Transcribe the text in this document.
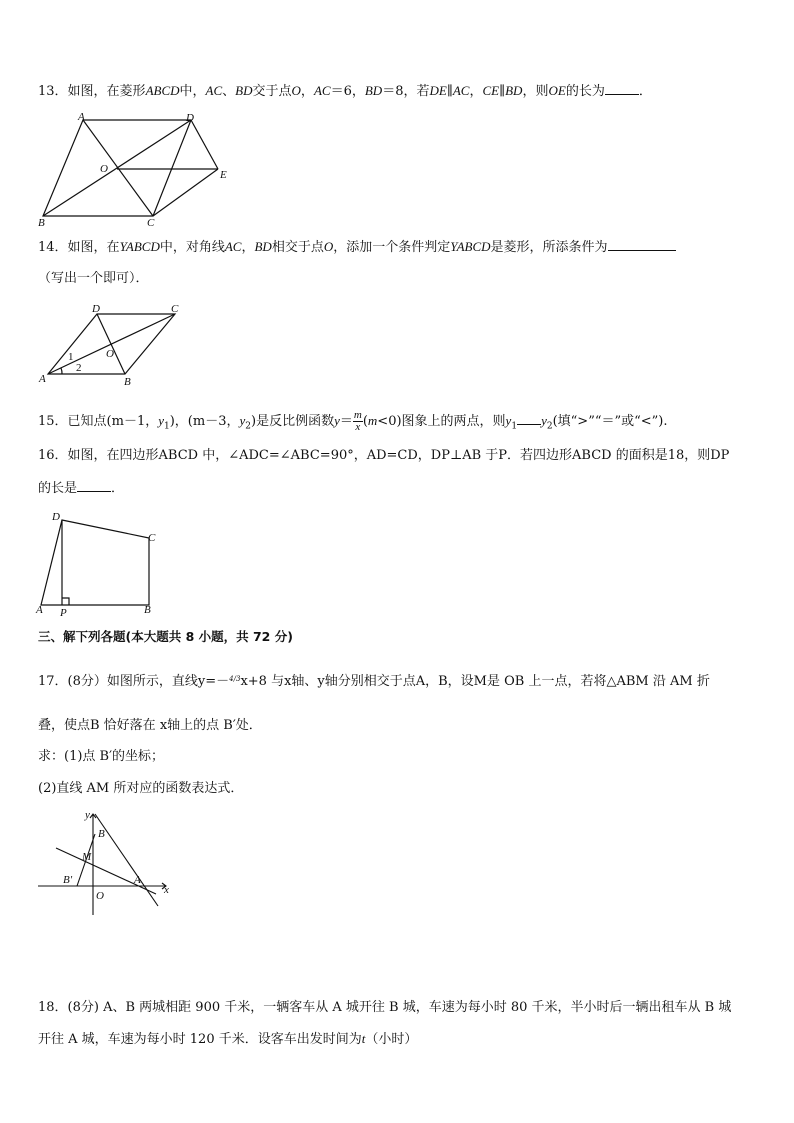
13．如图，在菱形ABCD中，AC、BD交于点O，AC＝6，BD＝8，若DE∥AC，CE∥BD，则OE的长为	．
A	D
O	E
B	C
14．如图，在YABCD中，对角线AC，BD相交于点O，添加一个条件判定YABCD是菱形，所添条件为
（写出一个即可）．
D	C
O
A	B
1
2
15．已知点(m－1，$y_1$)，(m－3，$y_2$)是反比例函数$y= \frac{m}{x} (m<0)$图象上的两点，则$y_1$ $y_2$(填“>”“＝”或“<”).
16．如图，在四边形ABCD 中，∠ADC=∠ABC=90°，AD=CD，DP⊥AB 于P．若四边形ABCD 的面积是18，则DP
的长是	．
D
C
A P	B
三、解下列各题(本大题共 8 小题，共 72 分)
17．(8分）如图所示，直线y=－$^{4/3}$x+8 与x轴、y轴分别相交于点A，B，设M是 OB 上一点，若将△ABM 沿 AM 折
叠，使点B 恰好落在 x轴上的点 B′处．
求：(1)点 B′的坐标；
(2)直线 AM 所对应的函数表达式．
y
B
M
B′	A
x
O
18．(8分) A、B 两城相距 900 千米，一辆客车从 A 城开往 B 城，车速为每小时 80 千米，半小时后一辆出租车从 B 城
开往 A 城，车速为每小时 120 千米．设客车出发时间为t（小时）
